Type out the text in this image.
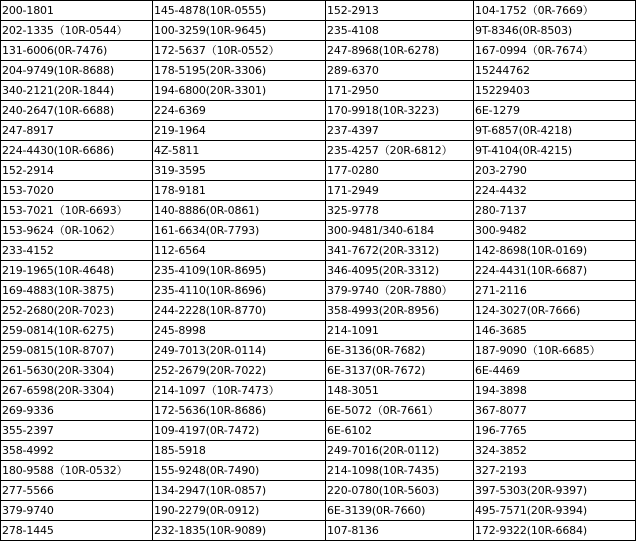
200-1801	145-4878(10R-0555)	152-2913	104-1752（0R-7669）
202-1335（10R-0544）	100-3259(10R-9645)	235-4108	9T-8346(0R-8503)
131-6006(0R-7476)	172-5637（10R-0552）	247-8968(10R-6278)	167-0994（0R-7674）
204-9749(10R-8688)	178-5195(20R-3306)	289-6370	15244762
340-2121(20R-1844)	194-6800(20R-3301)	171-2950	15229403
240-2647(10R-6688)	224-6369	170-9918(10R-3223)	6E-1279
247-8917	219-1964	237-4397	9T-6857(0R-4218)
224-4430(10R-6686)	4Z-5811	235-4257（20R-6812）	9T-4104(0R-4215)
152-2914	319-3595	177-0280	203-2790
153-7020	178-9181	171-2949	224-4432
153-7021（10R-6693）	140-8886(0R-0861)	325-9778	280-7137
153-9624（0R-1062）	161-6634(0R-7793)	300-9481/340-6184	300-9482
233-4152	112-6564	341-7672(20R-3312)	142-8698(10R-0169)
219-1965(10R-4648)	235-4109(10R-8695)	346-4095(20R-3312)	224-4431(10R-6687)
169-4883(10R-3875)	235-4110(10R-8696)	379-9740（20R-7880）	271-2116
252-2680(20R-7023)	244-2228(10R-8770)	358-4993(20R-8956)	124-3027(0R-7666)
259-0814(10R-6275)	245-8998	214-1091	146-3685
259-0815(10R-8707)	249-7013(20R-0114)	6E-3136(0R-7682)	187-9090（10R-6685）
261-5630(20R-3304)	252-2679(20R-7022)	6E-3137(0R-7672)	6E-4469
267-6598(20R-3304)	214-1097（10R-7473）	148-3051	194-3898
269-9336	172-5636(10R-8686)	6E-5072（0R-7661）	367-8077
355-2397	109-4197(0R-7472)	6E-6102	196-7765
358-4992	185-5918	249-7016(20R-0112)	324-3852
180-9588（10R-0532）	155-9248(0R-7490)	214-1098(10R-7435)	327-2193
277-5566	134-2947(10R-0857)	220-0780(10R-5603)	397-5303(20R-9397)
379-9740	190-2279(0R-0912)	6E-3139(0R-7660)	495-7571(20R-9394)
278-1445	232-1835(10R-9089)	107-8136	172-9322(10R-6684)
